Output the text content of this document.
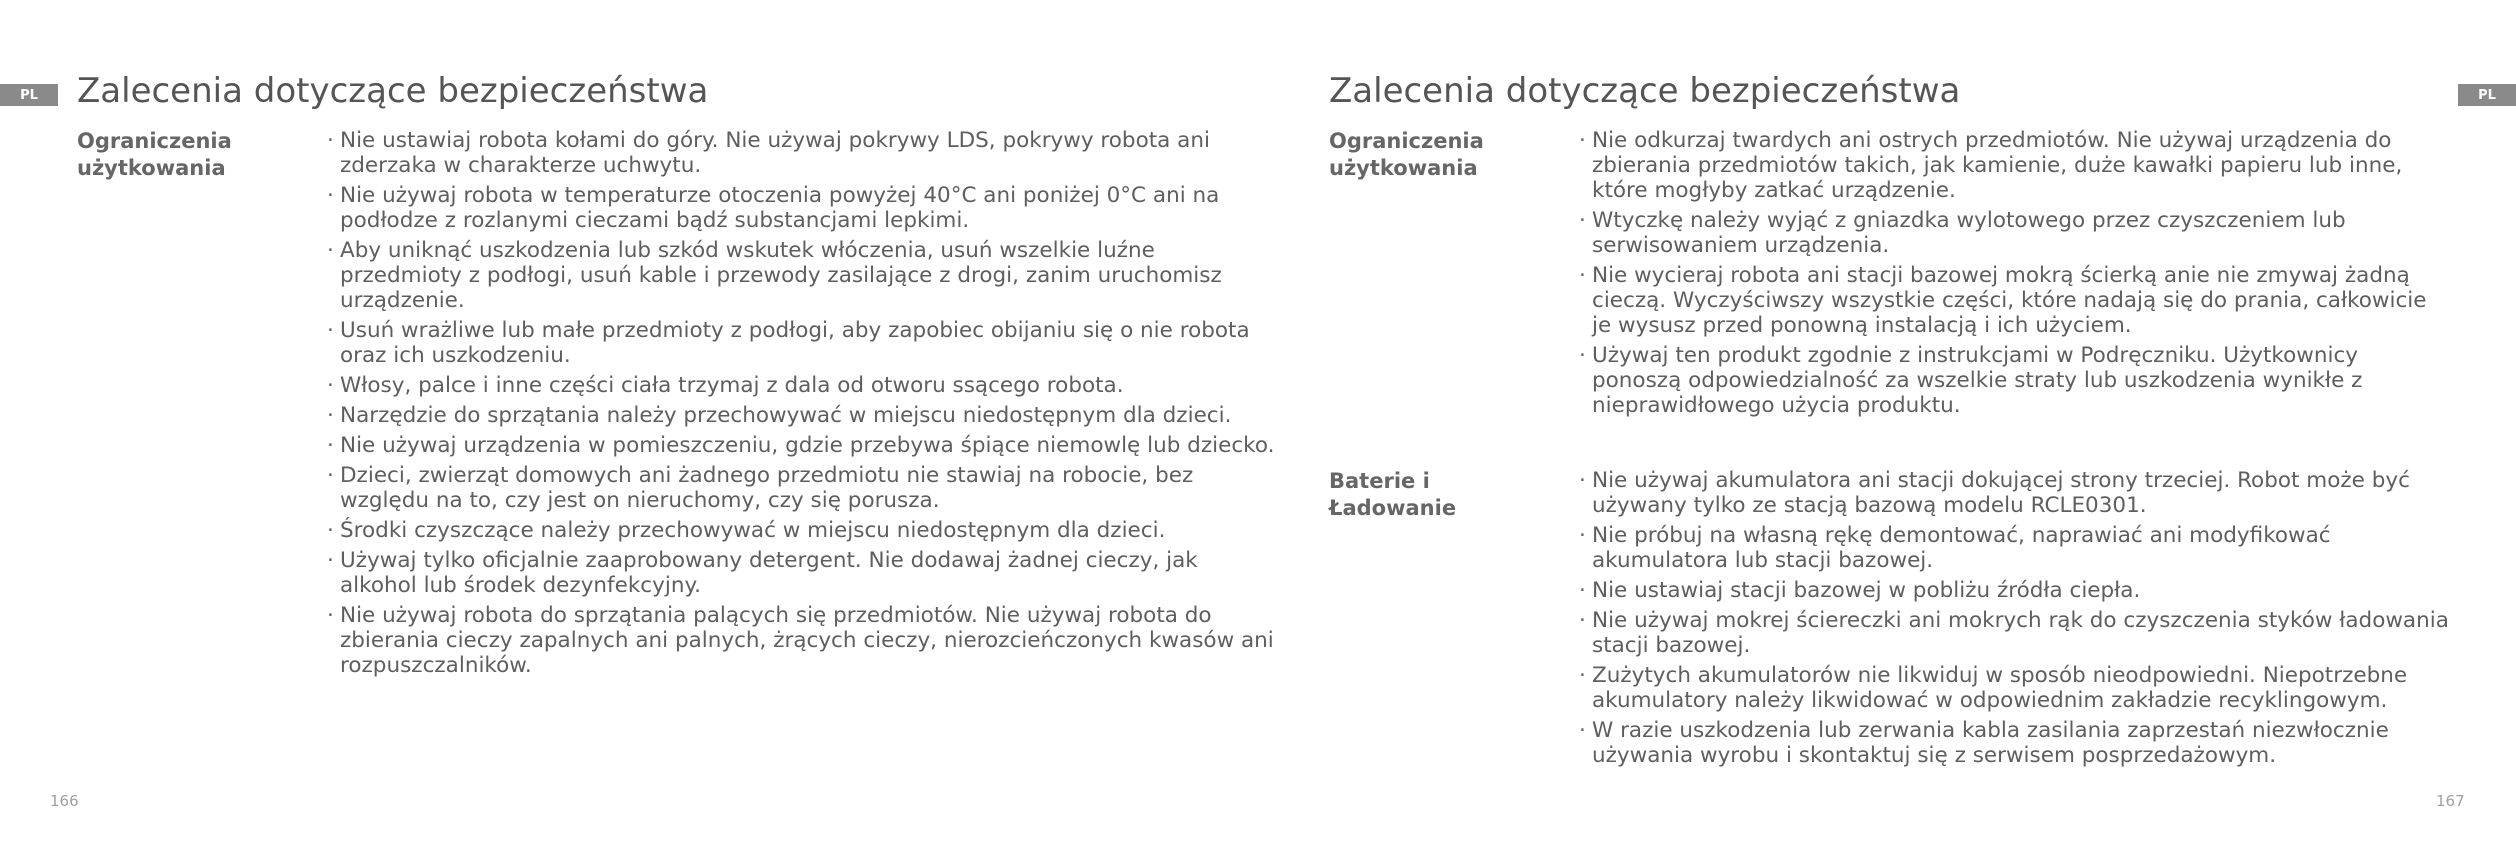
PL	Zalecenia dotyczące bezpieczeństwa
Ograniczenia użytkowania
· Nie ustawiaj robota kołami do góry. Nie używaj pokrywy LDS, pokrywy robota ani zderzaka w charakterze uchwytu.
· Nie używaj robota w temperaturze otoczenia powyżej 40°C ani poniżej 0°C ani na podłodze z rozlanymi cieczami bądź substancjami lepkimi.
· Aby uniknąć uszkodzenia lub szkód wskutek włóczenia, usuń wszelkie luźne przedmioty z podłogi, usuń kable i przewody zasilające z drogi, zanim uruchomisz urządzenie.
· Usuń wrażliwe lub małe przedmioty z podłogi, aby zapobiec obijaniu się o nie robota oraz ich uszkodzeniu.
· Włosy, palce i inne części ciała trzymaj z dala od otworu ssącego robota.
· Narzędzie do sprzątania należy przechowywać w miejscu niedostępnym dla dzieci.
· Nie używaj urządzenia w pomieszczeniu, gdzie przebywa śpiące niemowlę lub dziecko.
· Dzieci, zwierząt domowych ani żadnego przedmiotu nie stawiaj na robocie, bez względu na to, czy jest on nieruchomy, czy się porusza.
· Środki czyszczące należy przechowywać w miejscu niedostępnym dla dzieci.
· Używaj tylko oficjalnie zaaprobowany detergent. Nie dodawaj żadnej cieczy, jak alkohol lub środek dezynfekcyjny.
· Nie używaj robota do sprzątania palących się przedmiotów. Nie używaj robota do zbierania cieczy zapalnych ani palnych, żrących cieczy, nierozcieńczonych kwasów ani rozpuszczalników.
166
Zalecenia dotyczące bezpieczeństwa	PL
Ograniczenia użytkowania
· Nie odkurzaj twardych ani ostrych przedmiotów. Nie używaj urządzenia do zbierania przedmiotów takich, jak kamienie, duże kawałki papieru lub inne, które mogłyby zatkać urządzenie.
· Wtyczkę należy wyjąć z gniazdka wylotowego przez czyszczeniem lub serwisowaniem urządzenia.
· Nie wycieraj robota ani stacji bazowej mokrą ścierką anie nie zmywaj żadną cieczą. Wyczyściwszy wszystkie części, które nadają się do prania, całkowicie je wysusz przed ponowną instalacją i ich użyciem.
· Używaj ten produkt zgodnie z instrukcjami w Podręczniku. Użytkownicy ponoszą odpowiedzialność za wszelkie straty lub uszkodzenia wynikłe z nieprawidłowego użycia produktu.
Baterie i Ładowanie
· Nie używaj akumulatora ani stacji dokującej strony trzeciej. Robot może być używany tylko ze stacją bazową modelu RCLE0301.
· Nie próbuj na własną rękę demontować, naprawiać ani modyfikować akumulatora lub stacji bazowej.
· Nie ustawiaj stacji bazowej w pobliżu źródła ciepła.
· Nie używaj mokrej ściereczki ani mokrych rąk do czyszczenia styków ładowania stacji bazowej.
· Zużytych akumulatorów nie likwiduj w sposób nieodpowiedni. Niepotrzebne akumulatory należy likwidować w odpowiednim zakładzie recyklingowym.
· W razie uszkodzenia lub zerwania kabla zasilania zaprzestań niezwłocznie używania wyrobu i skontaktuj się z serwisem posprzedażowym.
167
